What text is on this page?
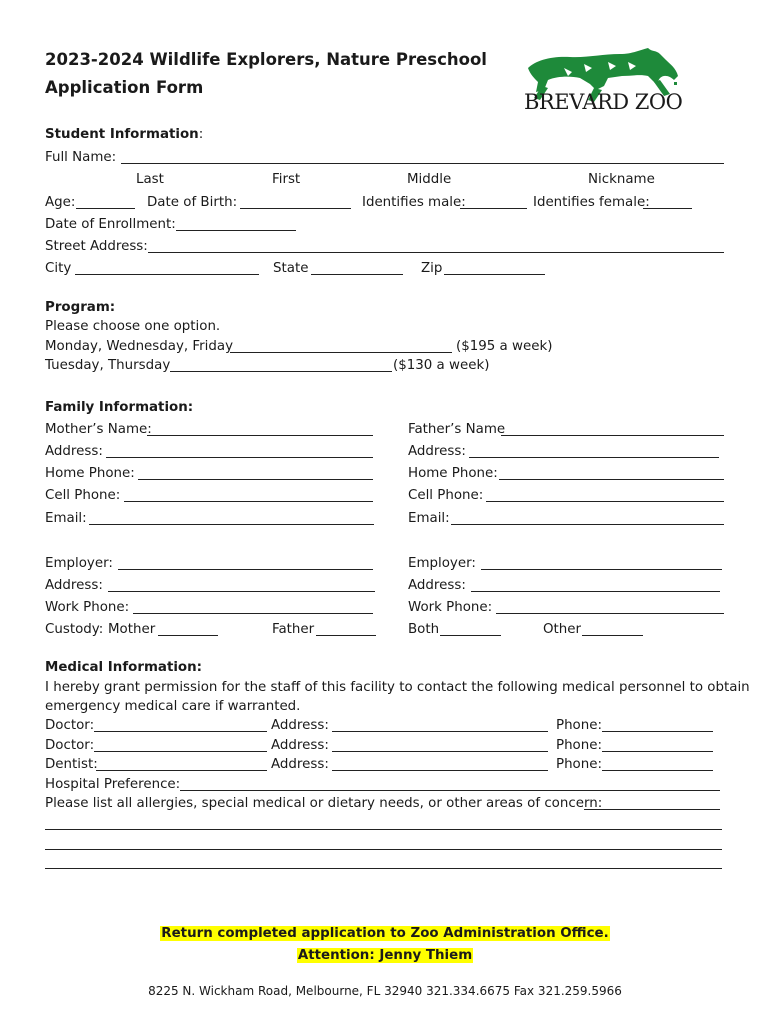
2023-2024 Wildlife Explorers, Nature Preschool
Application Form
BREVARD ZOO
Student Information:
Full Name:
Last	First	Middle	Nickname
Age:	Date of Birth:	Identifies male:	Identifies female:
Date of Enrollment:
Street Address:
City	State	Zip
Program:
Please choose one option.
Monday, Wednesday, Friday	($195 a week)
Tuesday, Thursday	($130 a week)
Family Information:
Mother’s Name:	Father’s Name
Address:	Address:
Home Phone:	Home Phone:
Cell Phone:	Cell Phone:
Email:	Email:
Employer:	Employer:
Address:	Address:
Work Phone:	Work Phone:
Custody: Mother	Father	Both	Other
Medical Information:
I hereby grant permission for the staff of this facility to contact the following medical personnel to obtain
emergency medical care if warranted.
Doctor:	Address:	Phone:
Doctor:	Address:	Phone:
Dentist:	Address:	Phone:
Hospital Preference:
Please list all allergies, special medical or dietary needs, or other areas of concern:
Return completed application to Zoo Administration Office.
Attention: Jenny Thiem
8225 N. Wickham Road, Melbourne, FL 32940 321.334.6675 Fax 321.259.5966
